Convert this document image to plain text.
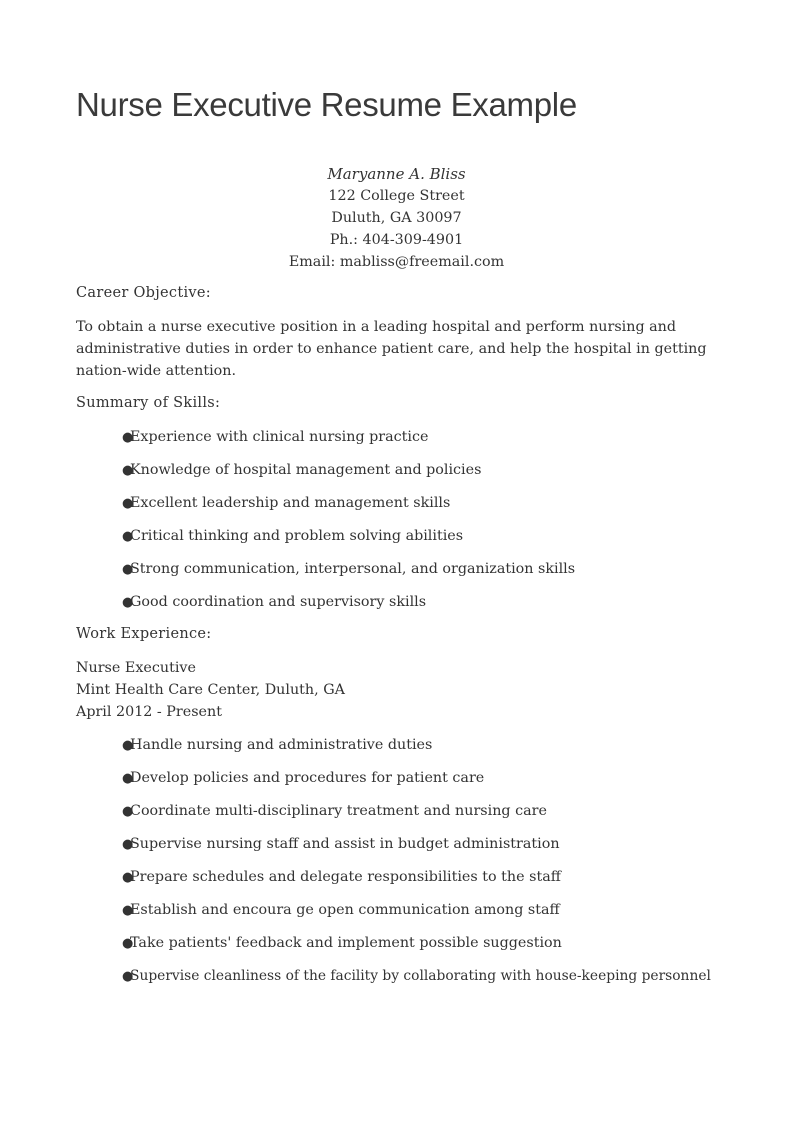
Nurse Executive Resume Example
Maryanne A. Bliss
122 College Street
Duluth, GA 30097
Ph.: 404-309-4901
Email: mabliss@freemail.com
Career Objective:

To obtain a nurse executive position in a leading hospital and perform nursing and administrative duties in order to enhance patient care, and help the hospital in getting nation-wide attention.

Summary of Skills:
●Experience with clinical nursing practice
●Knowledge of hospital management and policies
●Excellent leadership and management skills
●Critical thinking and problem solving abilities
●Strong communication, interpersonal, and organization skills
●Good coordination and supervisory skills
Work Experience:
Nurse Executive
Mint Health Care Center, Duluth, GA
April 2012 - Present
●Handle nursing and administrative duties
●Develop policies and procedures for patient care
●Coordinate multi-disciplinary treatment and nursing care
●Supervise nursing staff and assist in budget administration
●Prepare schedules and delegate responsibilities to the staff
●Establish and encoura ge open communication among staff
●Take patients' feedback and implement possible suggestion
●Supervise cleanliness of the facility by collaborating with house-keeping personnel
